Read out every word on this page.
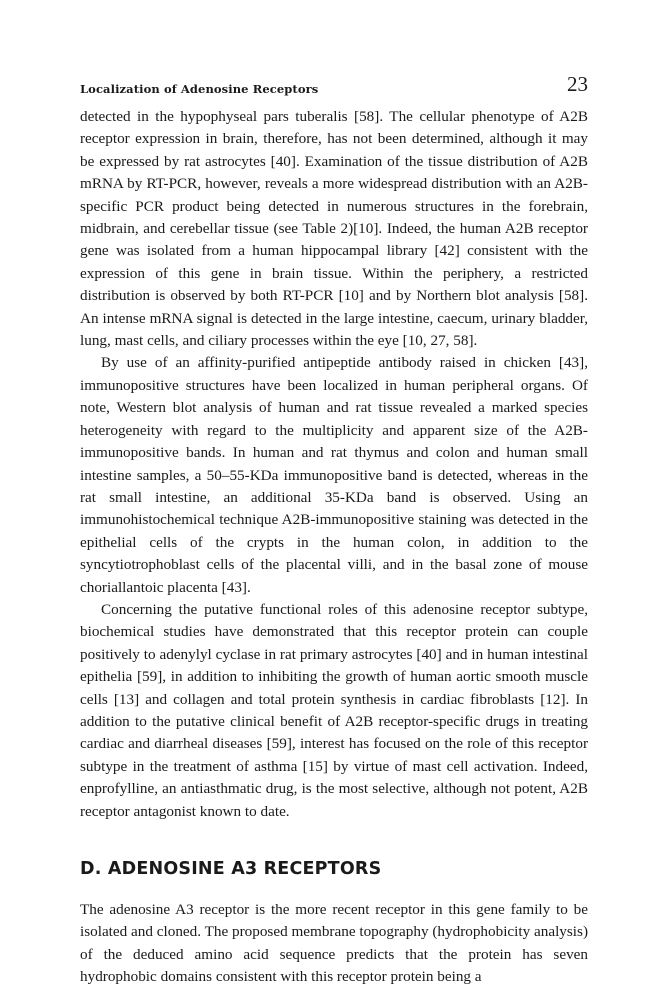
Localization of Adenosine Receptors	23

detected in the hypophyseal pars tuberalis [58]. The cellular phenotype of A2B receptor expression in brain, therefore, has not been determined, although it may be expressed by rat astrocytes [40]. Examination of the tissue distribution of A2B mRNA by RT-PCR, however, reveals a more widespread distribution with an A2B-specific PCR product being detected in numerous structures in the forebrain, midbrain, and cerebellar tissue (see Table 2)[10]. Indeed, the human A2B receptor gene was isolated from a human hippocampal library [42] consistent with the expression of this gene in brain tissue. Within the periphery, a restricted distribution is observed by both RT-PCR [10] and by Northern blot analysis [58]. An intense mRNA signal is detected in the large intestine, caecum, urinary bladder, lung, mast cells, and ciliary processes within the eye [10, 27, 58].

By use of an affinity-purified antipeptide antibody raised in chicken [43], immunopositive structures have been localized in human peripheral organs. Of note, Western blot analysis of human and rat tissue revealed a marked species heterogeneity with regard to the multiplicity and apparent size of the A2B-immunopositive bands. In human and rat thymus and colon and human small intestine samples, a 50–55-KDa immunopositive band is detected, whereas in the rat small intestine, an additional 35-KDa band is observed. Using an immunohistochemical technique A2B-immunopositive staining was detected in the epithelial cells of the crypts in the human colon, in addition to the syncytiotrophoblast cells of the placental villi, and in the basal zone of mouse choriallantoic placenta [43].

Concerning the putative functional roles of this adenosine receptor subtype, biochemical studies have demonstrated that this receptor protein can couple positively to adenylyl cyclase in rat primary astrocytes [40] and in human intestinal epithelia [59], in addition to inhibiting the growth of human aortic smooth muscle cells [13] and collagen and total protein synthesis in cardiac fibroblasts [12]. In addition to the putative clinical benefit of A2B receptor-specific drugs in treating cardiac and diarrheal diseases [59], interest has focused on the role of this receptor subtype in the treatment of asthma [15] by virtue of mast cell activation. Indeed, enprofylline, an antiasthmatic drug, is the most selective, although not potent, A2B receptor antagonist known to date.

D. ADENOSINE A3 RECEPTORS

The adenosine A3 receptor is the more recent receptor in this gene family to be isolated and cloned. The proposed membrane topography (hydrophobicity analysis) of the deduced amino acid sequence predicts that the protein has seven hydrophobic domains consistent with this receptor protein being a
